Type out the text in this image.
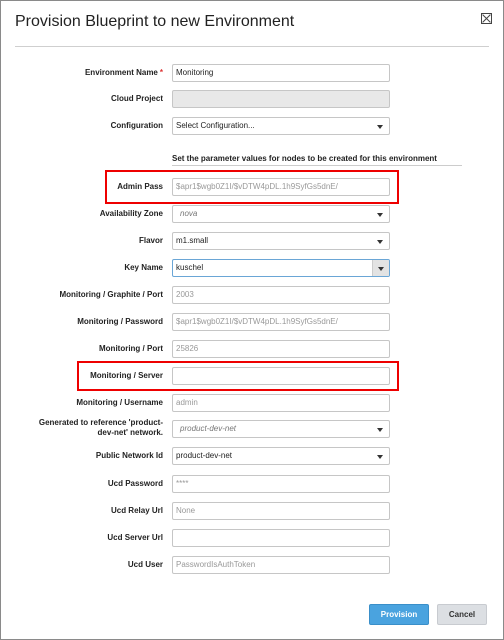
Provision Blueprint to new Environment
Environment Name *	Monitoring
Cloud Project
Configuration	Select Configuration...
Set the parameter values for nodes to be created for this environment
Admin Pass	$apr1$wgb0Z1I/$vDTW4pDL.1h9SyfGs5dnE/
Availability Zone	nova
Flavor	m1.small
Key Name	kuschel
Monitoring / Graphite / Port	2003
Monitoring / Password	$apr1$wgb0Z1I/$vDTW4pDL.1h9SyfGs5dnE/
Monitoring / Port	25826
Monitoring / Server
Monitoring / Username	admin
Generated to reference 'product-
dev-net' network.	product-dev-net
Public Network Id	product-dev-net
Ucd Password	****
Ucd Relay Url	None
Ucd Server Url
Ucd User	PasswordIsAuthToken
Provision	Cancel
